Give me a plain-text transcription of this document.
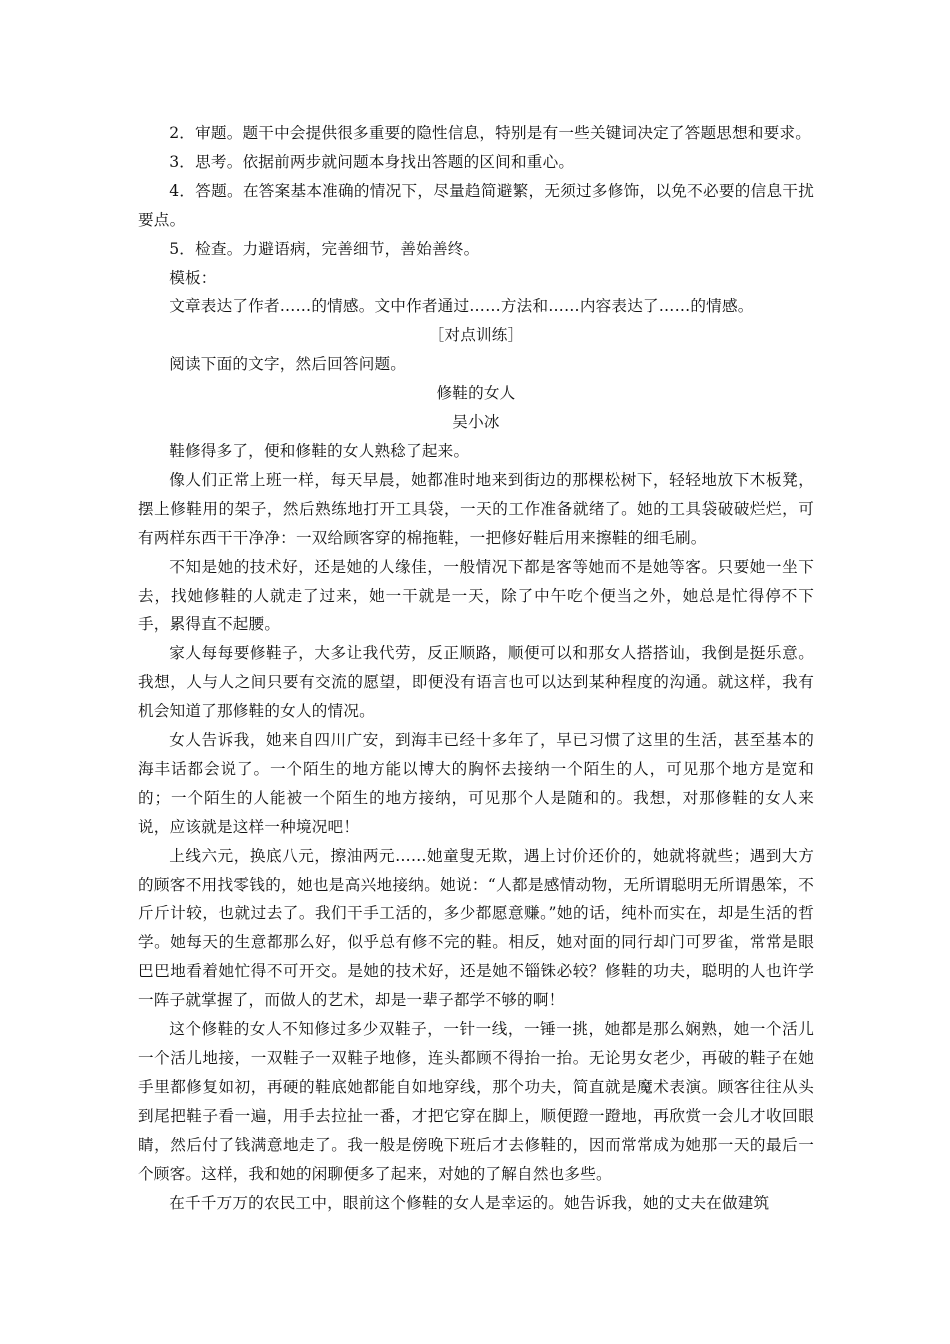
2．审题。题干中会提供很多重要的隐性信息，特别是有一些关键词决定了答题思想和要求。

3．思考。依据前两步就问题本身找出答题的区间和重心。

4．答题。在答案基本准确的情况下，尽量趋简避繁，无须过多修饰，以免不必要的信息干扰要点。

5．检查。力避语病，完善细节，善始善终。

模板：

文章表达了作者……的情感。文中作者通过……方法和……内容表达了……的情感。

［对点训练］

阅读下面的文字，然后回答问题。

修鞋的女人

吴小冰

鞋修得多了，便和修鞋的女人熟稔了起来。

像人们正常上班一样，每天早晨，她都准时地来到街边的那棵松树下，轻轻地放下木板凳，摆上修鞋用的架子，然后熟练地打开工具袋，一天的工作准备就绪了。她的工具袋破破烂烂，可有两样东西干干净净：一双给顾客穿的棉拖鞋，一把修好鞋后用来擦鞋的细毛刷。

不知是她的技术好，还是她的人缘佳，一般情况下都是客等她而不是她等客。只要她一坐下去，找她修鞋的人就走了过来，她一干就是一天，除了中午吃个便当之外，她总是忙得停不下手，累得直不起腰。

家人每每要修鞋子，大多让我代劳，反正顺路，顺便可以和那女人搭搭讪，我倒是挺乐意。我想，人与人之间只要有交流的愿望，即便没有语言也可以达到某种程度的沟通。就这样，我有机会知道了那修鞋的女人的情况。

女人告诉我，她来自四川广安，到海丰已经十多年了，早已习惯了这里的生活，甚至基本的海丰话都会说了。一个陌生的地方能以博大的胸怀去接纳一个陌生的人，可见那个地方是宽和的；一个陌生的人能被一个陌生的地方接纳，可见那个人是随和的。我想，对那修鞋的女人来说，应该就是这样一种境况吧！

上线六元，换底八元，擦油两元……她童叟无欺，遇上讨价还价的，她就将就些；遇到大方的顾客不用找零钱的，她也是高兴地接纳。她说：“人都是感情动物，无所谓聪明无所谓愚笨，不斤斤计较，也就过去了。我们干手工活的，多少都愿意赚。”她的话，纯朴而实在，却是生活的哲学。她每天的生意都那么好，似乎总有修不完的鞋。相反，她对面的同行却门可罗雀，常常是眼巴巴地看着她忙得不可开交。是她的技术好，还是她不锱铢必较？修鞋的功夫，聪明的人也许学一阵子就掌握了，而做人的艺术，却是一辈子都学不够的啊！

这个修鞋的女人不知修过多少双鞋子，一针一线，一锤一挑，她都是那么娴熟，她一个活儿一个活儿地接，一双鞋子一双鞋子地修，连头都顾不得抬一抬。无论男女老少，再破的鞋子在她手里都修复如初，再硬的鞋底她都能自如地穿线，那个功夫，简直就是魔术表演。顾客往往从头到尾把鞋子看一遍，用手去拉扯一番，才把它穿在脚上，顺便蹬一蹬地，再欣赏一会儿才收回眼睛，然后付了钱满意地走了。我一般是傍晚下班后才去修鞋的，因而常常成为她那一天的最后一个顾客。这样，我和她的闲聊便多了起来，对她的了解自然也多些。

在千千万万的农民工中，眼前这个修鞋的女人是幸运的。她告诉我，她的丈夫在做建筑
